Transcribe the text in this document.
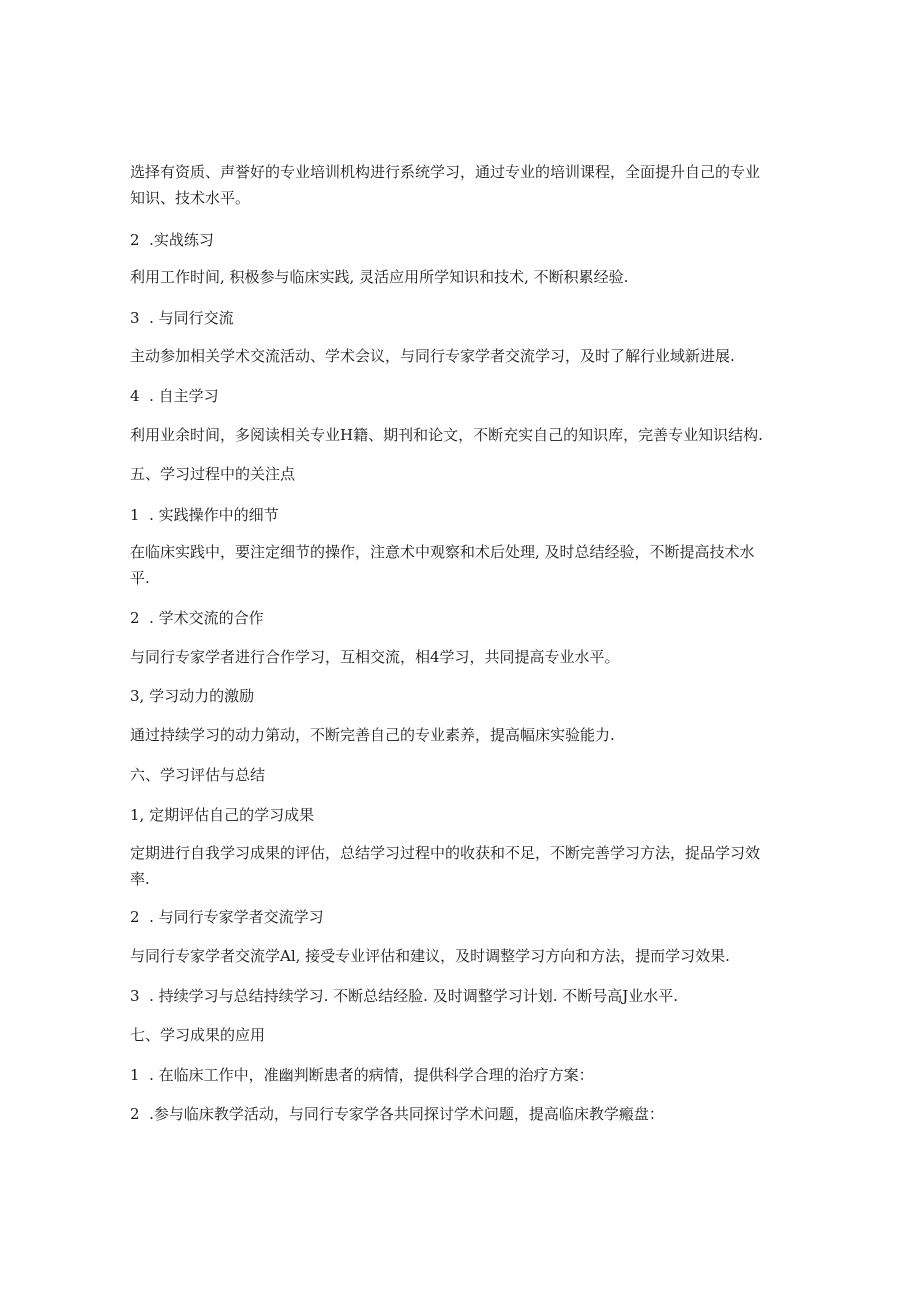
选择有资质、声誉好的专业培训机构进行系统学习，通过专业的培训课程，全面提升自己的专业
知识、技术水平。
2  .实战练习
利用工作时间, 积极参与临床实践, 灵活应用所学知识和技术, 不断积累经验.
3  . 与同行交流
主动参加相关学术交流活动、学术会议，与同行专家学者交流学习，及时了解行业域新进展.
4  . 自主学习
利用业余时间，多阅读相关专业H籍、期刊和论文，不断充实自己的知识库，完善专业知识结构.
五、学习过程中的关注点
1  . 实践操作中的细节
在临床实践中，要注定细节的操作，注意术中观察和术后处理, 及时总结经验，不断提高技术水
平.
2  . 学术交流的合作
与同行专家学者进行合作学习，互相交流，相4学习，共同提高专业水平。
3, 学习动力的激励
通过持续学习的动力第动，不断完善自己的专业素养，提高幅床实验能力.
六、学习评估与总结
1, 定期评估自己的学习成果
定期进行自我学习成果的评估，总结学习过程中的收获和不足，不断完善学习方法，捉品学习效
率.
2  . 与同行专家学者交流学习
与同行专家学者交流学Al, 接受专业评估和建议，及时调整学习方向和方法，提而学习效果.
3  . 持续学习与总结持续学习. 不断总结经脸. 及时调整学习计划. 不断号高J业水平.
七、学习成果的应用
1  . 在临床工作中，准幽判断患者的病情，提供科学合理的治疗方案：
2  .参与临床教学活动，与同行专家学各共同探讨学术问题，提高临床教学瘢盘：
